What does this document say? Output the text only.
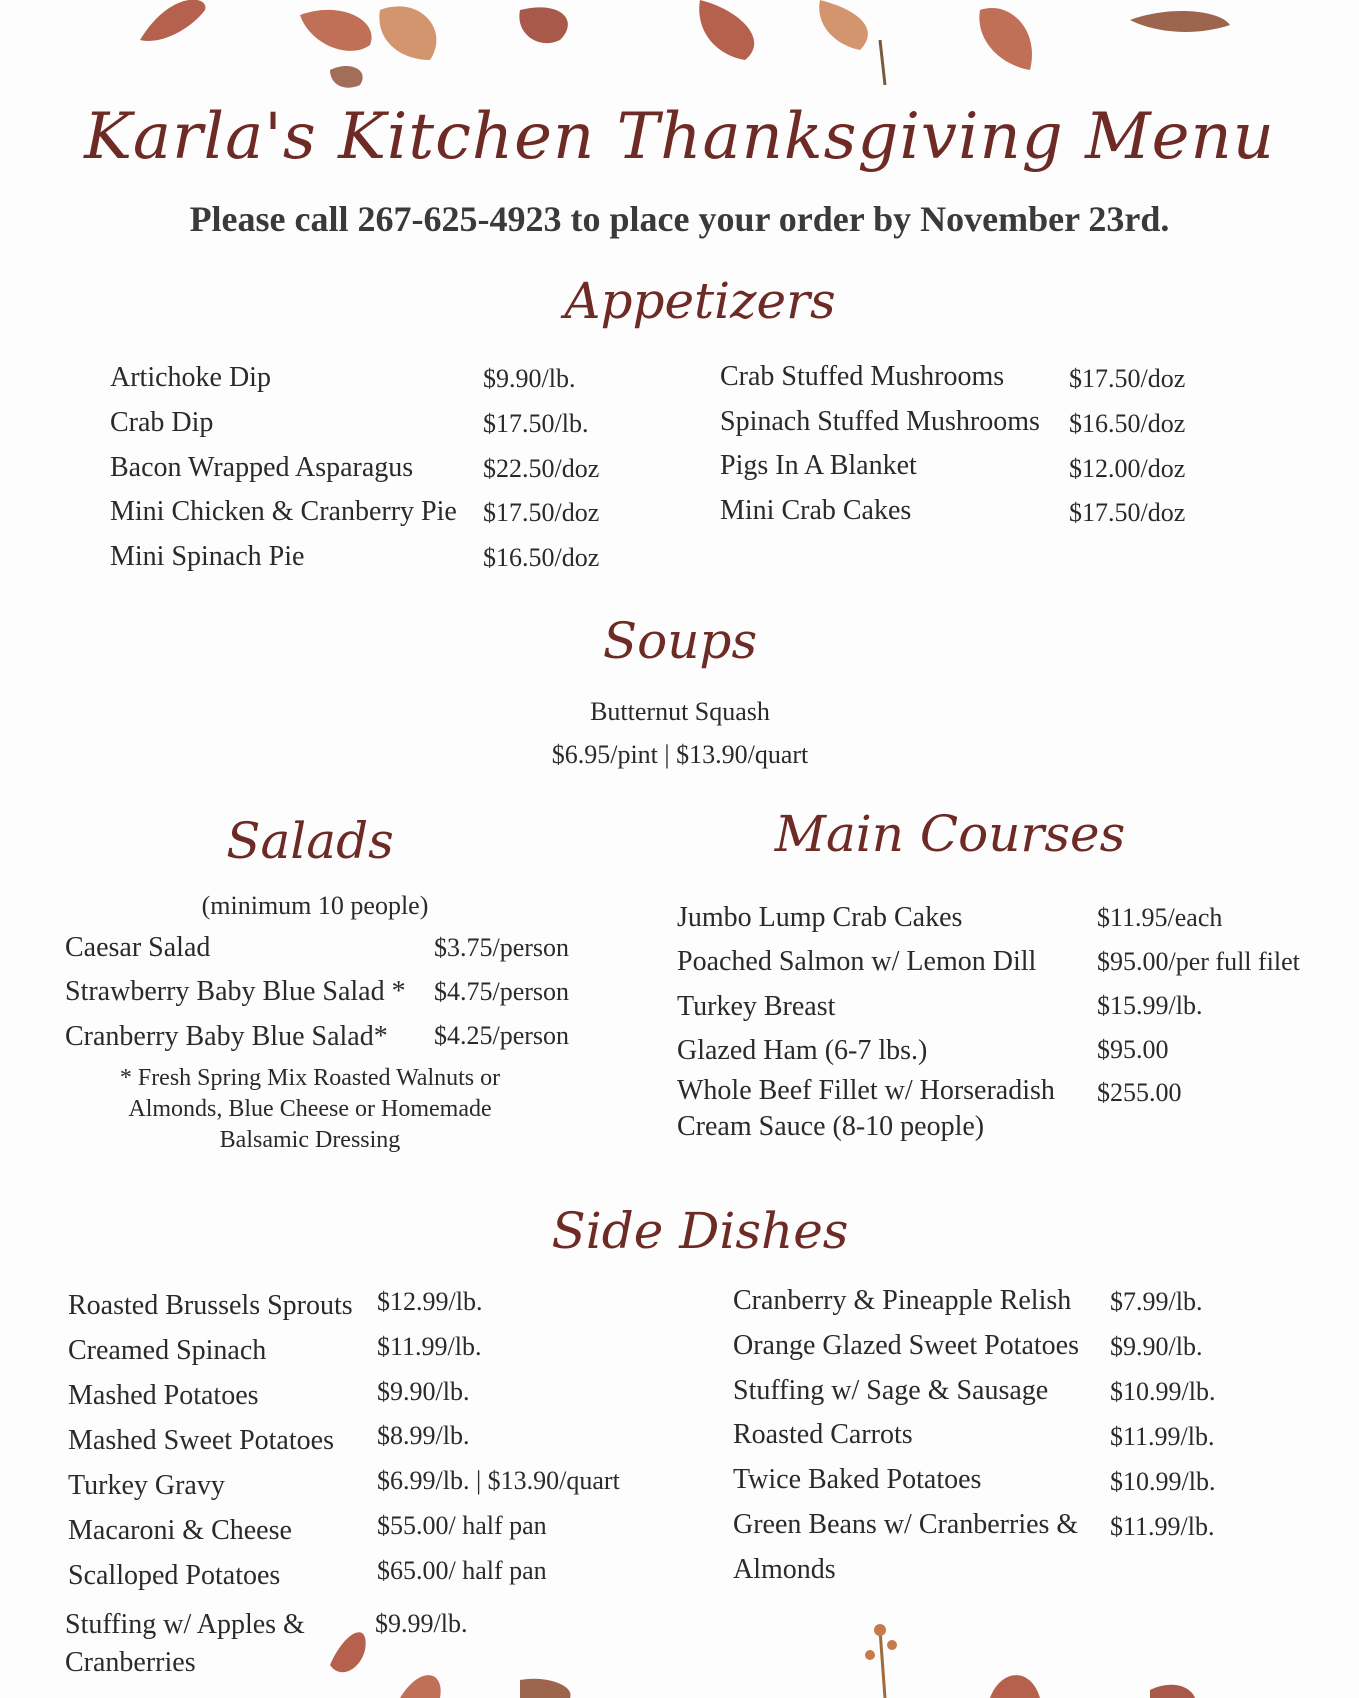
Karla's Kitchen Thanksgiving Menu
Please call 267-625-4923 to place your order by November 23rd.
Appetizers
Artichoke Dip	$9.90/lb.
Crab Dip	$17.50/lb.
Bacon Wrapped Asparagus	$22.50/doz
Mini Chicken & Cranberry Pie $17.50/doz
Mini Spinach Pie	$16.50/doz
Crab Stuffed Mushrooms $17.50/doz
Spinach Stuffed Mushrooms $16.50/doz
Pigs In A Blanket	$12.00/doz
Mini Crab Cakes	$17.50/doz
Soups
Butternut Squash
$6.95/pint | $13.90/quart
Salads
(minimum 10 people)
Caesar Salad	$3.75/person
Strawberry Baby Blue Salad * $4.75/person
Cranberry Baby Blue Salad* $4.25/person
* Fresh Spring Mix Roasted Walnuts or
Almonds, Blue Cheese or Homemade
Balsamic Dressing
Main Courses
Jumbo Lump Crab Cakes	$11.95/each
Poached Salmon w/ Lemon Dill $95.00/per full filet
Turkey Breast	$15.99/lb.
Glazed Ham (6-7 lbs.)	$95.00
Whole Beef Fillet w/ Horseradish
Cream Sauce (8-10 people)
$255.00
Side Dishes
Roasted Brussels Sprouts $12.99/lb.
Creamed Spinach	$11.99/lb.
Mashed Potatoes	$9.90/lb.
Mashed Sweet Potatoes $8.99/lb.
Turkey Gravy	$6.99/lb. | $13.90/quart
Macaroni & Cheese	$55.00/ half pan
Scalloped Potatoes	$65.00/ half pan
Stuffing w/ Apples &
Cranberries
$9.99/lb.
Cranberry & Pineapple Relish $7.99/lb.
Orange Glazed Sweet Potatoes $9.90/lb.
Stuffing w/ Sage & Sausage $10.99/lb.
Roasted Carrots	$11.99/lb.
Twice Baked Potatoes	$10.99/lb.
Green Beans w/ Cranberries &
Almonds
$11.99/lb.
